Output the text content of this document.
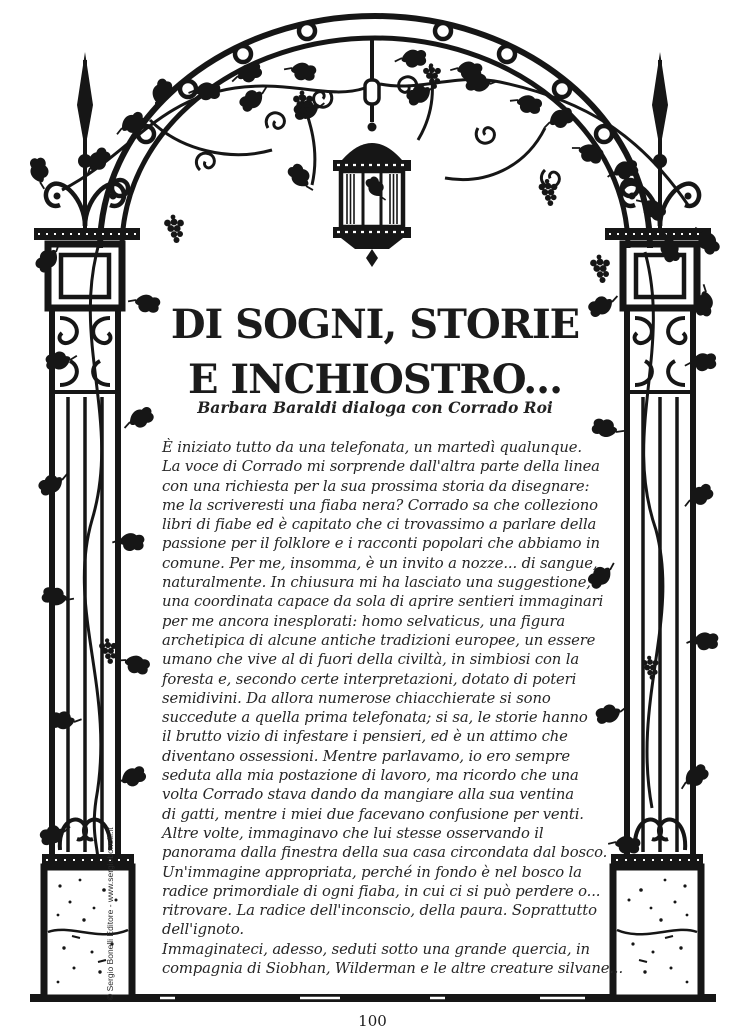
DI SOGNI, STORIE
E INCHIOSTRO...
Barbara Baraldi dialoga con Corrado Roi
È iniziato tutto da una telefonata, un martedì qualunque.
La voce di Corrado mi sorprende dall'altra parte della linea
con una richiesta per la sua prossima storia da disegnare:
me la scriveresti una fiaba nera? Corrado sa che colleziono
libri di fiabe ed è capitato che ci trovassimo a parlare della
passione per il folklore e i racconti popolari che abbiamo in
comune. Per me, insomma, è un invito a nozze... di sangue,
naturalmente. In chiusura mi ha lasciato una suggestione,
una coordinata capace da sola di aprire sentieri immaginari
per me ancora inesplorati: homo selvaticus, una figura
archetipica di alcune antiche tradizioni europee, un essere
umano che vive al di fuori della civiltà, in simbiosi con la
foresta e, secondo certe interpretazioni, dotato di poteri
semidivini. Da allora numerose chiacchierate si sono
succedute a quella prima telefonata; si sa, le storie hanno
il brutto vizio di infestare i pensieri, ed è un attimo che
diventano ossessioni. Mentre parlavamo, io ero sempre
seduta alla mia postazione di lavoro, ma ricordo che una
volta Corrado stava dando da mangiare alla sua ventina
di gatti, mentre i miei due facevano confusione per venti.
Altre volte, immaginavo che lui stesse osservando il
panorama dalla finestra della sua casa circondata dal bosco.
Un'immagine appropriata, perché in fondo è nel bosco la
radice primordiale di ogni fiaba, in cui ci si può perdere o...
ritrovare. La radice dell'inconscio, della paura. Soprattutto
dell'ignoto.
Immaginateci, adesso, seduti sotto una grande quercia, in
compagnia di Siobhan, Wilderman e le altre creature silvane...
© Sergio Bonelli Editore - www.sergiobonelli.it
100
